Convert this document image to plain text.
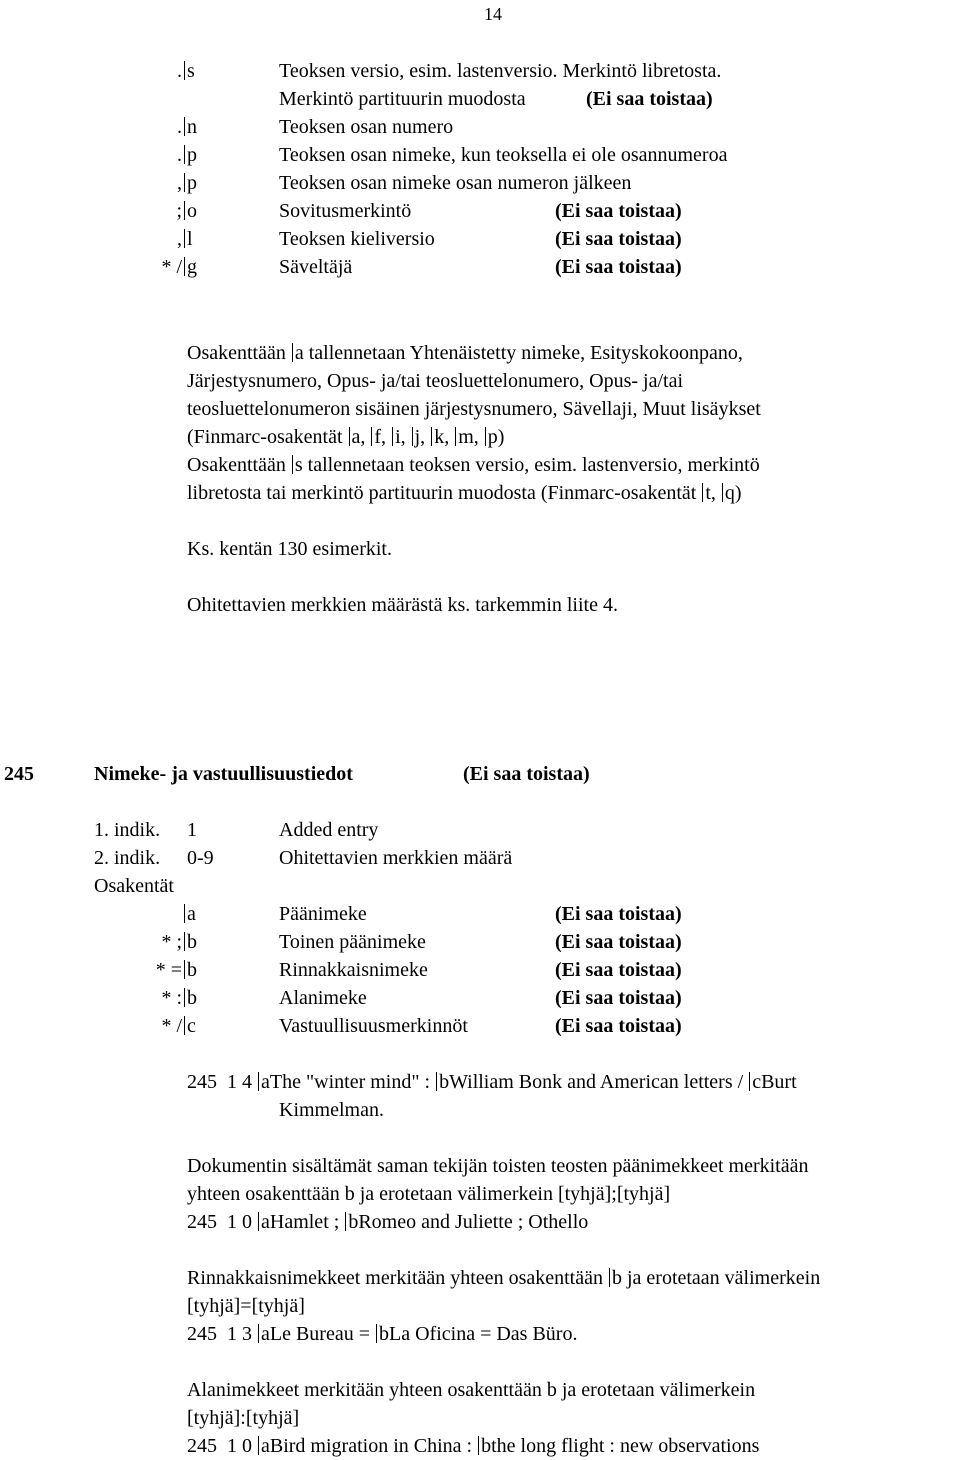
14
. s	Teoksen versio, esim. lastenversio. Merkintö libretosta.
Merkintö partituurin muodosta	(Ei saa toistaa)
. n	Teoksen osan numero
. p	Teoksen osan nimeke, kun teoksella ei ole osannumeroa
, p	Teoksen osan nimeke osan numeron jälkeen
; o	Sovitusmerkintö	(Ei saa toistaa)
, l	Teoksen kieliversio	(Ei saa toistaa)
* / g	Säveltäjä	(Ei saa toistaa)
Osakenttään a tallennetaan Yhtenäistetty nimeke, Esityskokoonpano,
Järjestysnumero, Opus- ja/tai teosluettelonumero, Opus- ja/tai
teosluettelonumeron sisäinen järjestysnumero, Sävellaji, Muut lisäykset
(Finmarc-osakentät a, f, i, j, k, m, p)
Osakenttään s tallennetaan teoksen versio, esim. lastenversio, merkintö
libretosta tai merkintö partituurin muodosta (Finmarc-osakentät t, q)
Ks. kentän 130 esimerkit.
Ohitettavien merkkien määrästä ks. tarkemmin liite 4.
245	Nimeke- ja vastuullisuustiedot	(Ei saa toistaa)
1. indik. 1	Added entry
2. indik. 0-9	Ohitettavien merkkien määrä
Osakentät
a	Päänimeke	(Ei saa toistaa)
* ; b	Toinen päänimeke	(Ei saa toistaa)
* = b	Rinnakkaisnimeke	(Ei saa toistaa)
* : b	Alanimeke	(Ei saa toistaa)
* / c	Vastuullisuusmerkinnöt	(Ei saa toistaa)
245  1 4 aThe "winter mind" : bWilliam Bonk and American letters / cBurt
Kimmelman.
Dokumentin sisältämät saman tekijän toisten teosten päänimekkeet merkitään
yhteen osakenttään b ja erotetaan välimerkein [tyhjä];[tyhjä]
245  1 0 aHamlet ; bRomeo and Juliette ; Othello
Rinnakkaisnimekkeet merkitään yhteen osakenttään b ja erotetaan välimerkein
[tyhjä]=[tyhjä]
245  1 3 aLe Bureau = bLa Oficina = Das Büro.
Alanimekkeet merkitään yhteen osakenttään b ja erotetaan välimerkein
[tyhjä]:[tyhjä]
245  1 0 aBird migration in China : bthe long flight : new observations
